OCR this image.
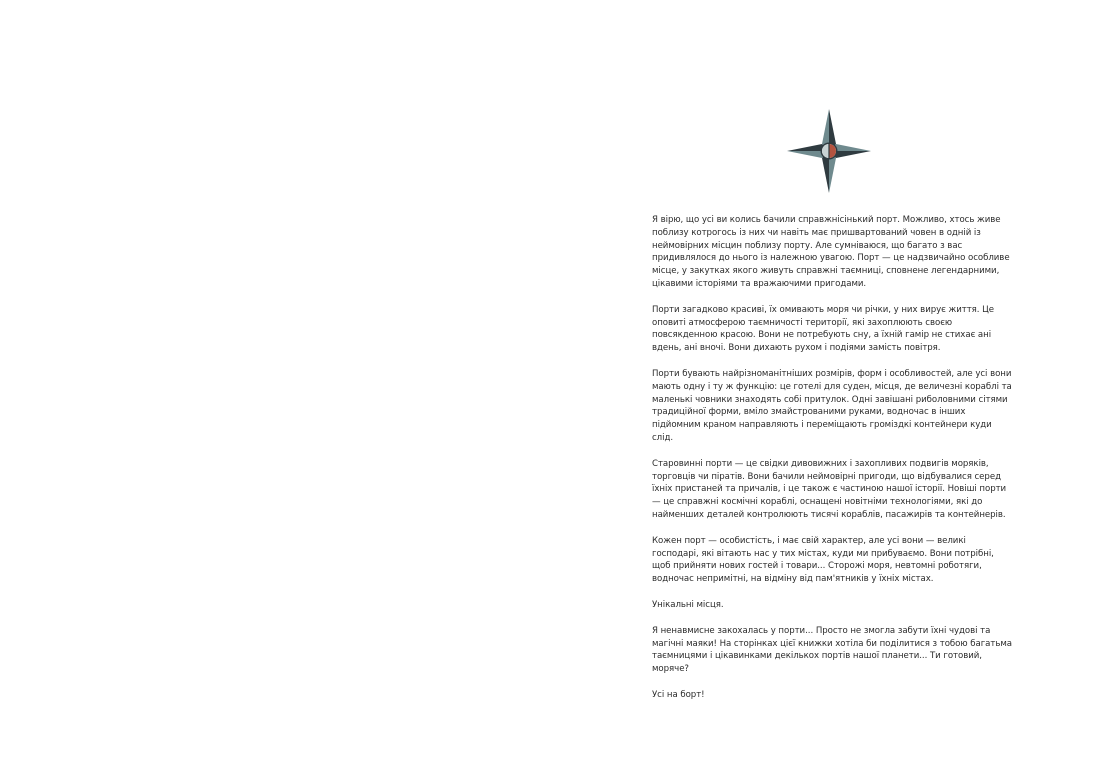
Я вірю, що усі ви колись бачили справжнісінький порт. Можливо, хтось живе поблизу котрогось із них чи навіть має пришвартований човен в одній із неймовірних місцин поблизу порту. Але сумніваюся, що багато з вас придивлялося до нього із належною увагою. Порт — це надзвичайно особливе місце, у закутках якого живуть справжні таємниці, сповнене легендарними, цікавими історіями та вражаючими пригодами.

Порти загадково красиві, їх омивають моря чи річки, у них вирує життя. Це оповиті атмосферою таємничості території, які захоплюють своєю повсякденною красою. Вони не потребують сну, а їхній гамір не стихає ані вдень, ані вночі. Вони дихають рухом і подіями замість повітря.

Порти бувають найрізноманітніших розмірів, форм і особливостей, але усі вони мають одну і ту ж функцію: це готелі для суден, місця, де величезні кораблі та маленькі човники знаходять собі притулок. Одні завішані риболовними сітями традиційної форми, вміло змайстрованими руками, водночас в інших підйомним краном направляють і переміщають громіздкі контейнери куди слід.

Старовинні порти — це свідки дивовижних і захопливих подвигів моряків, торговців чи піратів. Вони бачили неймовірні пригоди, що відбувалися серед їхніх пристаней та причалів, і це також є частиною нашої історії. Новіші порти — це справжні космічні кораблі, оснащені новітніми технологіями, які до найменших деталей контролюють тисячі кораблів, пасажирів та контейнерів.

Кожен порт — особистість, і має свій характер, але усі вони — великі господарі, які вітають нас у тих містах, куди ми прибуваємо. Вони потрібні, щоб прийняти нових гостей і товари... Сторожі моря, невтомні роботяги, водночас непримітні, на відміну від пам'ятників у їхніх містах.

Унікальні місця.

Я ненавмисне закохалась у порти... Просто не змогла забути їхні чудові та магічні маяки! На сторінках цієї книжки хотіла би поділитися з тобою багатьма таємницями і цікавинками декількох портів нашої планети... Ти готовий, моряче?

Усі на борт!
